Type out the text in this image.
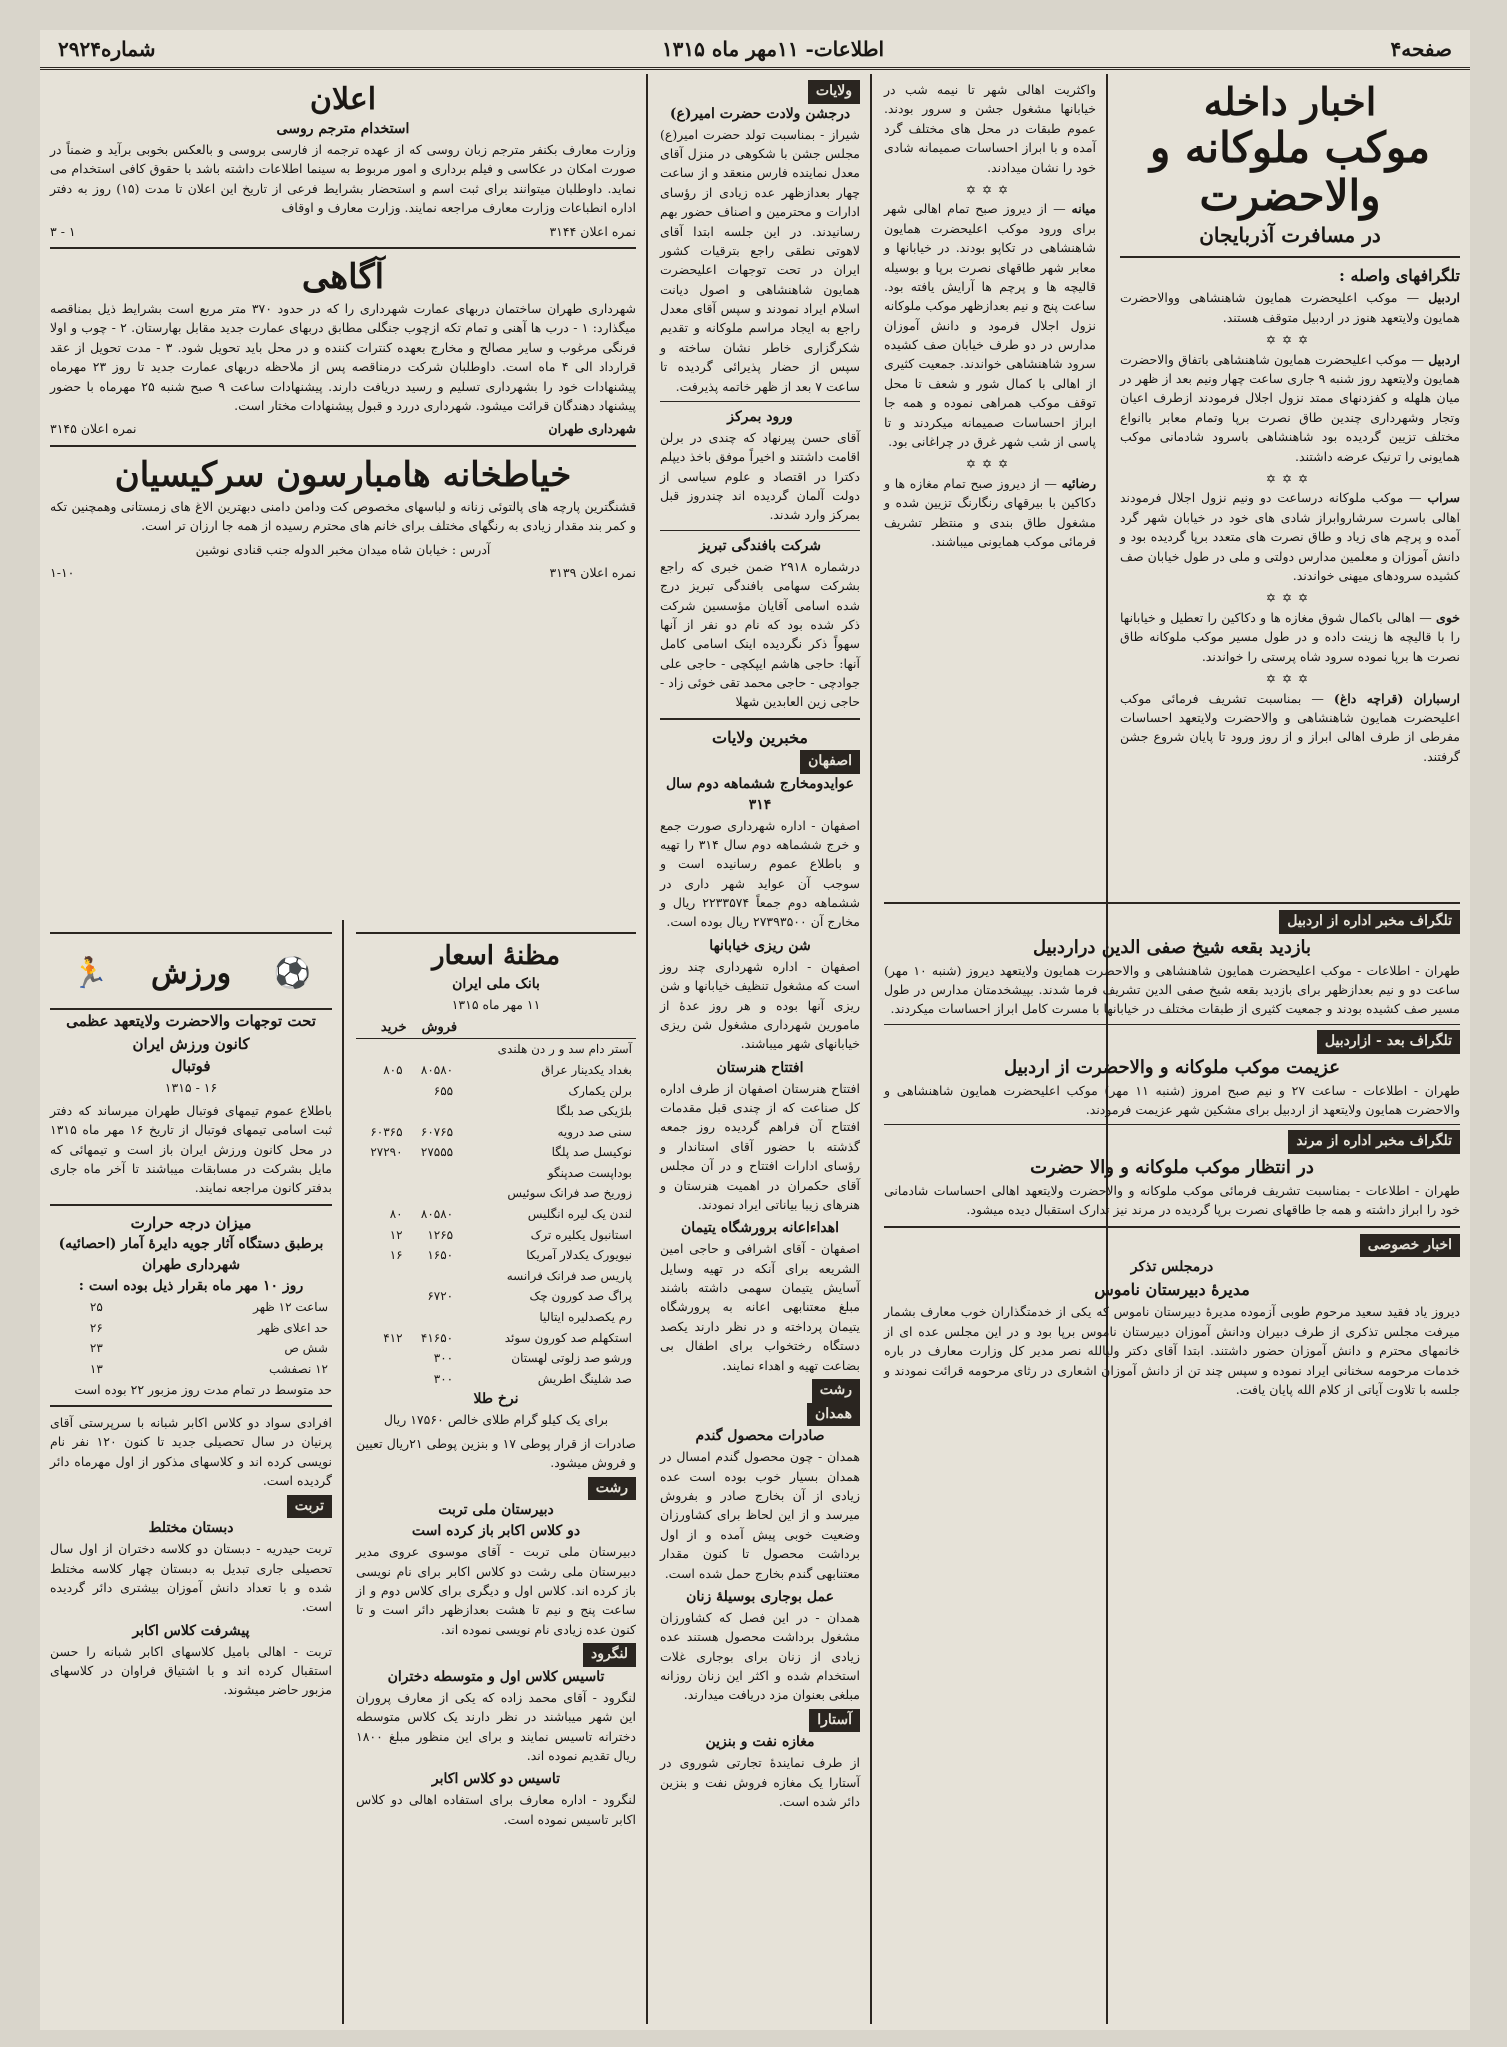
صفحه۴
اطلاعات- ۱۱مهر ماه ۱۳۱۵
شماره۲۹۲۴
اخبار داخله
موکب ملوکانه و والاحضرت
در مسافرت آذربایجان
تلگرافهای واصله :

اردبیل — موکب اعلیحضرت همایون شاهنشاهی ووالاحضرت همایون ولایتعهد هنوز در اردبیل متوقف هستند.

✡✡✡

اردبیل — موکب اعلیحضرت همایون شاهنشاهی باتفاق والاحضرت همایون ولایتعهد روز شنبه ۹ جاری ساعت چهار ونیم بعد از ظهر در میان هلهله و کفزدنهای ممتد نزول اجلال فرمودند ازطرف اعیان وتجار وشهرداری چندین طاق نصرت برپا وتمام معابر باانواع مختلف تزیین گردیده بود شاهنشاهی باسرود شادمانی موکب همایونی را ترنیک عرضه داشتند.

✡✡✡

سراب — موکب ملوکانه درساعت دو ونیم نزول اجلال فرمودند اهالی باسرت سرشاروابراز شادی هاى خود در خیابان شهر گرد آمده و پرچم های زیاد و طاق نصرت های متعدد برپا گردیده بود و دانش آموزان و معلمین مدارس دولتی و ملی در طول خیابان صف کشیده سرودهای میهنی خواندند.

✡✡✡

خوی — اهالی باکمال شوق مغازه ها و دکاکین را تعطیل و خیابانها را با قالیچه ها زینت داده و در طول مسیر موکب ملوکانه طاق نصرت ها برپا نموده سرود شاه پرستی را خواندند.

✡✡✡

ارسباران (قراچه داغ) — بمناسبت تشریف فرمائی موکب اعلیحضرت همایون شاهنشاهی و والاحضرت ولایتعهد احساسات مفرطی از طرف اهالی ابراز و از روز ورود تا پایان شروع جشن گرفتند.

واکثریت اهالی شهر تا نیمه شب در خیابانها مشغول جشن و سرور بودند. عموم طبقات در محل های مختلف گرد آمده و با ابراز احساسات صمیمانه شادی خود را نشان میدادند.

✡✡✡

میانه — از دیروز صبح تمام اهالی شهر برای ورود موکب اعلیحضرت همایون شاهنشاهی در تکاپو بودند. در خیابانها و معابر شهر طاقهای نصرت برپا و بوسیله قالیچه ها و پرچم ها آرایش یافته بود. ساعت پنج و نیم بعدازظهر موکب ملوکانه نزول اجلال فرمود و دانش آموزان مدارس در دو طرف خیابان صف کشیده سرود شاهنشاهی خواندند. جمعیت کثیری از اهالی با کمال شور و شعف تا محل توقف موکب همراهی نموده و همه جا ابراز احساسات صمیمانه میکردند و تا پاسی از شب شهر غرق در چراغانی بود.

✡✡✡

رضائیه — از دیروز صبح تمام مغازه ها و دکاکین با بیرقهای رنگارنگ تزیین شده و مشغول طاق بندی و منتظر تشریف فرمائی موکب همایونی میباشند.

تلگراف مخبر اداره از اردبیل
بازدید بقعه شیخ صفی الدین دراردبیل

طهران - اطلاعات - موکب اعلیحضرت همایون شاهنشاهی و والاحضرت همایون ولایتعهد دیروز (شنبه ۱۰ مهر) ساعت دو و نیم بعدازظهر برای بازدید بقعه شیخ صفی الدین تشریف فرما شدند. بپیشخدمتان مدارس در طول مسیر صف کشیده بودند و جمعیت کثیری از طبقات مختلف در خیابانها با مسرت کامل ابراز احساسات میکردند.

تلگراف بعد - ازاردبیل
عزیمت موکب ملوکانه و والاحضرت از اردبیل

طهران - اطلاعات - ساعت ۲۷ و نیم صبح امروز (شنبه ۱۱ مهر) موکب اعلیحضرت همایون شاهنشاهی و والاحضرت همایون ولایتعهد از اردبیل برای مشکین شهر عزیمت فرمودند.

تلگراف مخبر اداره از مرند
در انتظار موکب ملوکانه و والا حضرت

طهران - اطلاعات - بمناسبت تشریف فرمائی موکب ملوکانه و والاحضرت ولایتعهد اهالی احساسات شادمانی خود را ابراز داشته و همه جا طاقهای نصرت برپا گردیده در مرند نیز تدارک استقبال دیده میشود.

اخبار خصوصی
درمجلس تذکر
مدیرهٔ دبیرستان ناموس

دیروز یاد فقید سعید مرحوم طوبی آزموده مدیرهٔ دبیرستان ناموس که یکی از خدمتگذاران خوب معارف بشمار میرفت مجلس تذکری از طرف دبیران ودانش آموزان دبیرستان ناموس برپا بود و در این مجلس عده ای از خانمهای محترم و دانش آموزان حضور داشتند. ابتدا آقای دکتر ولیالله نصر مدیر کل وزارت معارف در باره خدمات مرحومه سخنانی ایراد نموده و سپس چند تن از دانش آموزان اشعاری در رثای مرحومه قرائت نمودند و جلسه با تلاوت آیاتی از کلام الله پایان یافت.

ولایات
درجشن ولادت حضرت امیر(ع)

شیراز - بمناسبت تولد حضرت امیر(ع) مجلس جشن با شکوهی در منزل آقای معدل نماینده فارس منعقد و از ساعت چهار بعدازظهر عده زیادی از رؤسای ادارات و محترمین و اصناف حضور بهم رسانیدند. در این جلسه ابتدا آقای لاهوتی نطقی راجع بترقیات کشور ایران در تحت توجهات اعلیحضرت همایون شاهنشاهی و اصول دیانت اسلام ایراد نمودند و سپس آقای معدل راجع به ایجاد مراسم ملوکانه و تقدیم شکرگزاری خاطر نشان ساخته و سپس از حضار پذیرائی گردیده تا ساعت ۷ بعد از ظهر خاتمه پذیرفت.

ورود بمرکز

آقای حسن پیرنهاد که چندی در برلن اقامت داشتند و اخیراً موفق باخذ دیپلم دکترا در اقتصاد و علوم سیاسی از دولت آلمان گردیده اند چندروز قبل بمرکز وارد شدند.

شرکت بافندگی تبریز

درشماره ۲۹۱۸ ضمن خبری که راجع بشرکت سهامی بافندگی تبریز درج شده اسامی آقایان مؤسسین شرکت ذکر شده بود که نام دو نفر از آنها سهواً ذکر نگردیده اینک اسامی کامل آنها: حاجی هاشم ایپکچی - حاجی علی جوادچی - حاجی محمد تقی خوئی زاد - حاجی زین العابدین شهلا

مخبرین ولایات
اصفهان
عوایدومخارج ششماهه دوم سال ۳۱۴

اصفهان - اداره شهرداری صورت جمع و خرج ششماهه دوم سال ۳۱۴ را تهیه و باطلاع عموم رسانیده است و سوجب آن عواید شهر داری در ششماهه دوم جمعاً ۲۲۳۳۵۷۴ ریال و مخارج آن ۲۷۳۹۳۵۰۰ ریال بوده است.

شن ریزی خیابانها

اصفهان - اداره شهرداری چند روز است که مشغول تنظیف خیابانها و شن ریزی آنها بوده و هر روز عدهٔ از مامورین شهرداری مشغول شن ریزی خیابانهای شهر میباشند.

افتتاح هنرستان

افتتاح هنرستان اصفهان از طرف اداره کل صناعت که از چندی قبل مقدمات افتتاح آن فراهم گردیده روز جمعه گذشته با حضور آقای استاندار و رؤسای ادارات افتتاح و در آن مجلس آقای حکمران در اهمیت هنرستان و هنرهای زیبا بیاناتی ایراد نمودند.

اهداءاعانه برورشگاه یتیمان

اصفهان - آقای اشرافی و حاجی امین الشریعه برای آنکه در تهیه وسایل آسایش یتیمان سهمی داشته باشند مبلغ معتنابهی اعانه به پرورشگاه یتیمان پرداخته و در نظر دارند یکصد دستگاه رختخواب برای اطفال بی بضاعت تهیه و اهداء نمایند.

رشت
همدان
صادرات محصول گندم

همدان - چون محصول گندم امسال در همدان بسیار خوب بوده است عده زیادی از آن بخارج صادر و بفروش میرسد و از این لحاظ برای کشاورزان وضعیت خوبی پیش آمده و از اول برداشت محصول تا کنون مقدار معتنابهی گندم بخارج حمل شده است.

عمل بوجاری بوسیلهٔ زنان

همدان - در این فصل که کشاورزان مشغول برداشت محصول هستند عده زیادی از زنان برای بوجاری غلات استخدام شده و اکثر این زنان روزانه مبلغی بعنوان مزد دریافت میدارند.

آستارا
مغازه نفت و بنزین

از طرف نمایندهٔ تجارتی شوروی در آستارا یک مغازه فروش نفت و بنزین دائر شده است.

اعلان
استخدام مترجم روسی

وزارت معارف بکنفر مترجم زبان روسی که از عهده ترجمه از فارسی بروسی و بالعکس بخوبی برآید و ضمناً در صورت امکان در عکاسی و فیلم برداری و امور مربوط به سینما اطلاعات داشته باشد با حقوق کافی استخدام می نماید. داوطلبان میتوانند برای ثبت اسم و استحضار بشرایط فرعی از تاریخ این اعلان تا مدت (۱۵) روز به دفتر اداره انطباعات وزارت معارف مراجعه نمایند. وزارت معارف و اوقاف

نمره اعلان ۳۱۴۴
۱ - ۳

آگاهی

شهرداری طهران ساختمان دربهای عمارت شهرداری را که در حدود ۳۷۰ متر مربع است بشرایط ذیل بمناقصه میگذارد: ۱ - درب ها آهنی و تمام تکه ازچوب جنگلی مطابق دربهای عمارت جدید مقابل بهارستان. ۲ - چوب و اولا فرنگی مرغوب و سایر مصالح و مخارج بعهده کنترات کننده و در محل باید تحویل شود. ۳ - مدت تحویل از عقد قرارداد الی ۴ ماه است. داوطلبان شرکت درمناقصه پس از ملاحظه دربهای عمارت جدید تا روز ۲۳ مهرماه پیشنهادات خود را بشهرداری تسلیم و رسید دریافت دارند. پیشنهادات ساعت ۹ صبح شنبه ۲۵ مهرماه با حضور پیشنهاد دهندگان قرائت میشود. شهرداری دررد و قبول پیشنهادات مختار است.

شهرداری طهران
نمره اعلان ۳۱۴۵

خیاطخانه هامبارسون سرکیسیان

قشنگترین پارچه های پالتوئی زنانه و لباسهای مخصوص کت ودامن دامنی دبهترین الاغ های زمستانی وهمچنین تکه و کمر بند مقدار زیادی به رنگهای مختلف برای خانم های محترم رسیده از همه جا ارزان تر است.

آدرس : خیابان شاه میدان مخبر الدوله جنب قنادی نوشین

نمره اعلان ۳۱۳۹
۱-۱۰

مظنهٔ اسعار
بانک ملی ایران

۱۱ مهر ماه ۱۳۱۵

	فروش	خرید
آستر دام سد و ر دن هلندی		
بغداد یکدینار عراق	۸۰۵۸۰	۸۰۵
برلن یکمارک	۶۵۵	
بلژیکی صد بلگا		
سنی صد درویه	۶۰۷۶۵	۶۰۳۶۵
نوکیسل صد پلگا	۲۷۵۵۵	۲۷۲۹۰
بوداپست صدپنگو		
زوریخ صد فرانک سوئیس		
لندن یک لیره انگلیس	۸۰۵۸۰	۸۰
استانبول یکلیره ترک	۱۲۶۵	۱۲
نیویورک یکدلار آمریکا	۱۶۵۰	۱۶
پاریس صد فرانک فرانسه		
پراگ صد کورون چک	۶۷۲۰	
رم یکصدلیره ایتالیا		
استکهلم صد کورون سوئد	۴۱۶۵۰	۴۱۲
ورشو صد زلوتی لهستان	۳۰۰	
صد شلینگ اطریش	۳۰۰	
نرخ طلا

برای یک کیلو گرام طلای خالص ۱۷۵۶۰ ریال

صادرات از قرار پوطی ۱۷ و بنزین پوطی ۲۱ریال تعیین و فروش میشود.

رشت
دبیرستان ملی تربت
دو کلاس اکابر باز کرده است

دبیرستان ملی تربت - آقای موسوی عروی مدیر دبیرستان ملی رشت دو کلاس اکابر برای نام نویسی باز کرده اند. کلاس اول و دیگری برای کلاس دوم و از ساعت پنج و نیم تا هشت بعدازظهر دائر است و تا کنون عده زیادی نام نویسی نموده اند.

لنگرود
تاسیس کلاس اول و متوسطه دختران

لنگرود - آقای محمد زاده که یکی از معارف پروران این شهر میباشند در نظر دارند یک کلاس متوسطه دخترانه تاسیس نمایند و برای این منظور مبلغ ۱۸۰۰ ریال تقدیم نموده اند.

تاسیس دو کلاس اکابر

لنگرود - اداره معارف برای استفاده اهالی دو کلاس اکابر تاسیس نموده است.

⚽
ورزش
🏃
تحت توجهات والاحضرت ولایتعهد عظمی کانون ورزش ایران
فوتبال

۱۶ - ۱۳۱۵

باطلاع عموم تیمهای فوتبال طهران میرساند که دفتر ثبت اسامی تیمهای فوتبال از تاریخ ۱۶ مهر ماه ۱۳۱۵ در محل کانون ورزش ایران باز است و تیمهائی که مایل بشرکت در مسابقات میباشند تا آخر ماه جاری بدفتر کانون مراجعه نمایند.

میزان درجه حرارت
برطبق دستگاه آثار جویه دایرهٔ آمار (احصائیه) شهرداری طهران
روز ۱۰ مهر ماه بقرار ذیل بوده است :
ساعت ۱۲ ظهر	۲۵
حد اعلای ظهر	۲۶
شش ص	۲۳
۱۲ نصفشب	۱۳

حد متوسط در تمام مدت روز مزبور ۲۲ بوده است

افرادی سواد دو کلاس اکابر شبانه با سرپرستی آقای پرنیان در سال تحصیلی جدید تا کنون ۱۲۰ نفر نام نویسی کرده اند و کلاسهای مذکور از اول مهرماه دائر گردیده است.

تربت
دبستان مختلط

تربت حیدریه - دبستان دو کلاسه دختران از اول سال تحصیلی جاری تبدیل به دبستان چهار کلاسه مختلط شده و با تعداد دانش آموزان بیشتری دائر گردیده است.

پیشرفت کلاس اکابر

تربت - اهالی بامیل کلاسهای اکابر شبانه را حسن استقبال کرده اند و با اشتیاق فراوان در کلاسهای مزبور حاضر میشوند.
